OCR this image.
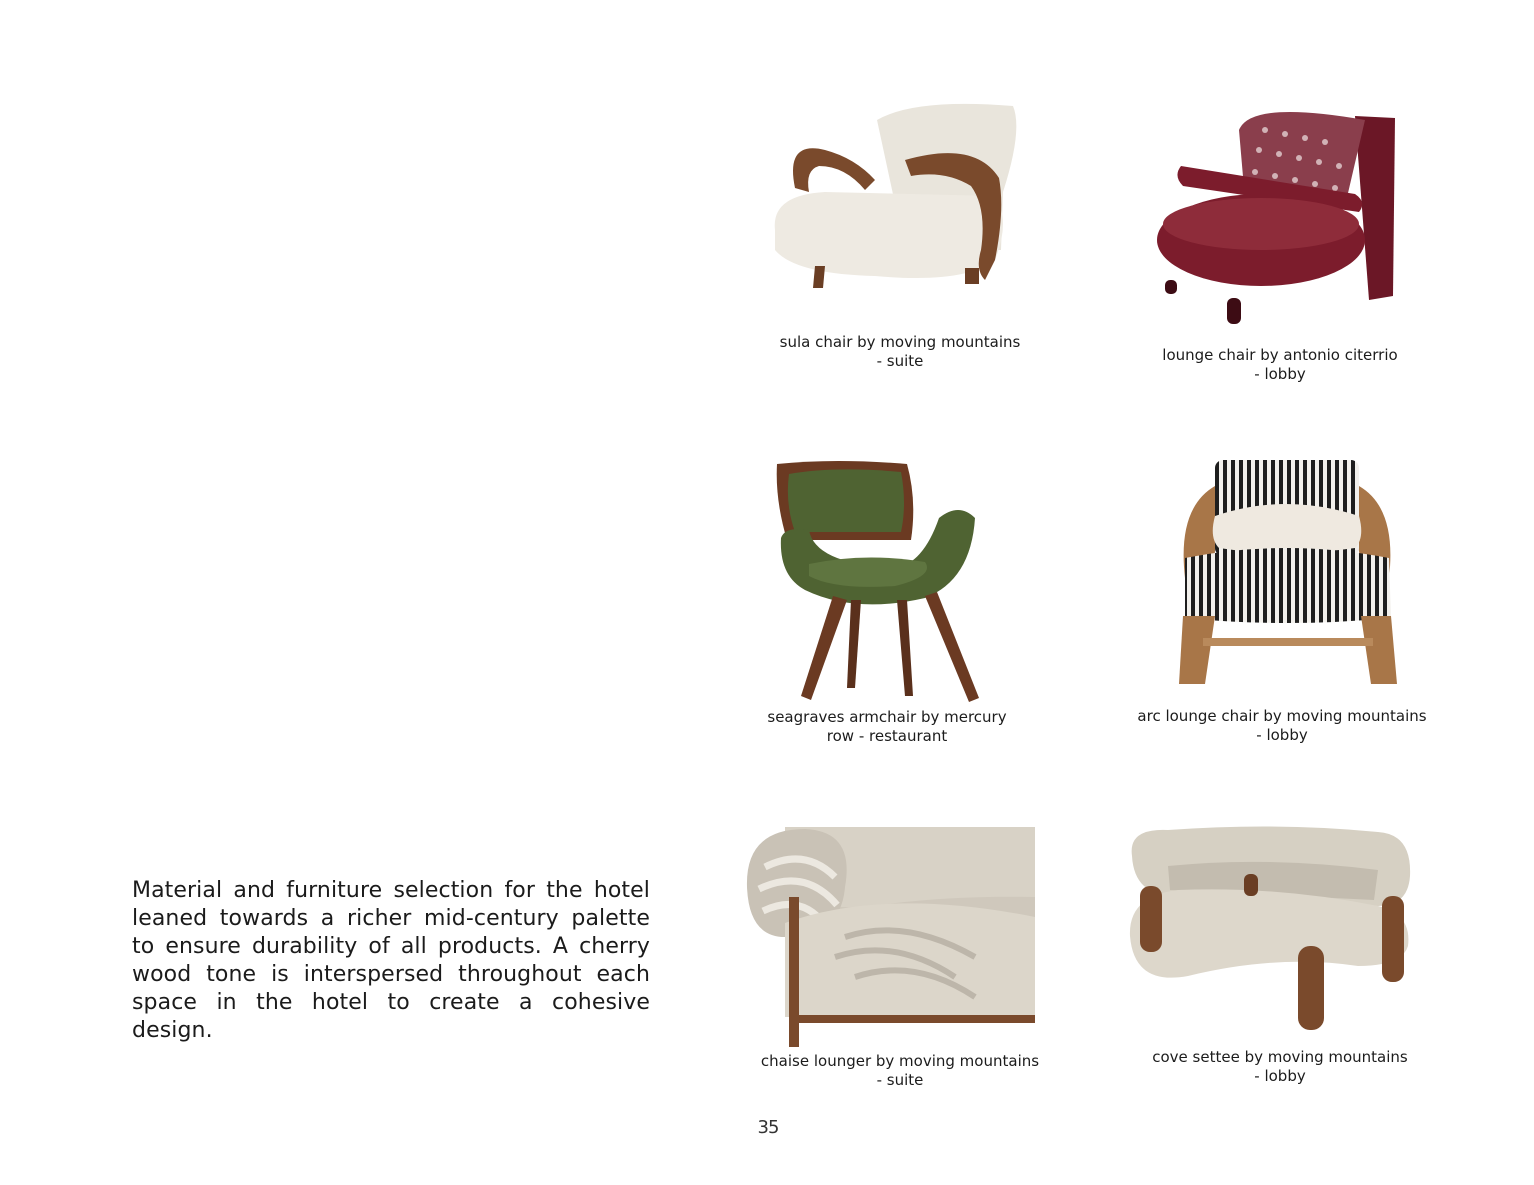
Material and furniture selection for the hotel leaned towards a richer mid-century palette to ensure durability of all products. A cherry wood tone is interspersed throughout each space in the hotel to create a cohesive design.

sula chair by moving mountains
- suite	lounge chair by antonio citerrio
- lobby

seagraves armchair by mercury
row - restaurant

arc lounge chair by moving mountains
- lobby

chaise lounger by moving mountains
- suite

cove settee by moving mountains
- lobby

35
